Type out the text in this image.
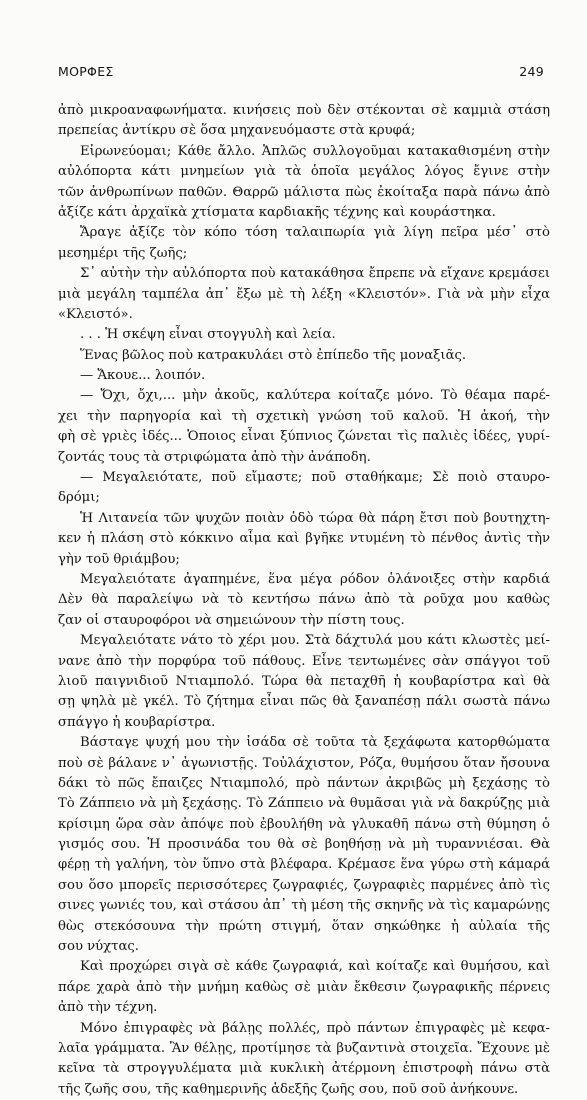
ΜΟΡΦΕΣ	249
ἀπὸ μικροαναφωνήματα. κινήσεις ποὺ δὲν στέκονται σὲ καμμιὰ στάση
πρεπείας ἀντίκρυ σὲ ὅσα μηχανευόμαστε στὰ κρυφά;
Εἰρωνεύομαι; Κάθε ἄλλο. Ἁπλῶς συλλογοῦμαι κατακαθισμένη στὴν
αὐλόπορτα κάτι μνημείων γιὰ τὰ ὁποῖα μεγάλος λόγος ἔγινε στὴν
τῶν ἀνθρωπίνων παθῶν. Θαρρῶ μάλιστα πὼς ἐκοίταξα παρὰ πάνω ἀπὸ
ἀξίζε κάτι ἀρχαϊκὰ χτίσματα καρδιακῆς τέχνης καὶ κουράστηκα.
Ἄραγε ἀξίζε τὸν κόπο τόση ταλαιπωρία γιὰ λίγη πεῖρα μέσ᾽ στὸ
μεσημέρι τῆς ζωῆς;
Σ᾽ αὐτὴν τὴν αὐλόπορτα ποὺ κατακάθησα ἔπρεπε νὰ εἴχανε κρεμάσει
μιὰ μεγάλη ταμπέλα ἀπ᾽ ἔξω μὲ τὴ λέξη «Κλειστόν». Γιὰ νὰ μὴν εἶχα
«Κλειστό».
. . . Ἡ σκέψη εἶναι στογγυλὴ καὶ λεία.
Ἕνας βῶλος ποὺ κατρακυλάει στὸ ἐπίπεδο τῆς μοναξιᾶς.
— Ἄκουε... λοιπόν.
— Ὄχι, ὄχι,... μὴν ἀκοῦς, καλύτερα κοίταζε μόνο. Τὸ θέαμα παρέ-
χει τὴν παρηγορία καὶ τὴ σχετικὴ γνώση τοῦ καλοῦ. Ἡ ἀκοή, τὴν
φὴ σὲ γριὲς ἰδές... Ὁποιος εἶναι ξύπνιος ζώνεται τὶς παλιὲς ἰδέες, γυρί-
ζοντάς τους τὰ στριφώματα ἀπὸ τὴν ἀνάποδη.
— Μεγαλειότατε, ποῦ εἴμαστε; ποῦ σταθήκαμε; Σὲ ποιὸ σταυρο-
δρόμι;
Ἡ Λιτανεία τῶν ψυχῶν ποιὰν ὁδὸ τώρα θὰ πάρη ἔτσι ποὺ βουτηχτη-
κεν ἡ πλάση στὸ κόκκινο αἷμα καὶ βγῆκε ντυμένη τὸ πένθος ἀντὶς τὴν
γὴν τοῦ θριάμβου;
Μεγαλειότατε ἀγαπημένε, ἕνα μέγα ρόδον ὁλάνοιξες στὴν καρδιά
Δὲν θὰ παραλείψω νὰ τὸ κεντήσω πάνω ἀπὸ τὰ ροῦχα μου καθὼς
ζαν οἱ σταυροφόροι νὰ σημειώνουν τὴν πίστη τους.
Μεγαλειότατε νάτο τὸ χέρι μου. Στὰ δάχτυλά μου κάτι κλωστὲς μεί-
νανε ἀπὸ τὴν πορφύρα τοῦ πάθους. Εἶνε τεντωμένες σὰν σπάγγοι τοῦ
λιοῦ παιγνιδιοῦ Ντιαμπολό. Τώρα θὰ πεταχθῆ ἡ κουβαρίστρα καὶ θὰ
σῃ ψηλὰ μὲ γκέλ. Τὸ ζήτημα εἶναι πῶς θὰ ξαναπέσῃ πάλι σωστὰ πάνω
σπάγγο ἡ κουβαρίστρα.
Βάσταγε ψυχή μου τὴν ἰσάδα σὲ τοῦτα τὰ ξεχάφωτα κατορθώματα
ποὺ σὲ βάλανε ν᾽ ἀγωνιστῇς. Τοὐλάχιστον, Ρόζα, θυμήσου ὅταν ἤσουνα
δάκι τὸ πῶς ἔπαιζες Ντιαμπολό, πρὸ πάντων ἀκριβῶς μὴ ξεχάσῃς τὸ
Τὸ Ζάππειο νὰ μὴ ξεχάσῃς. Τὸ Ζάππειο νὰ θυμᾶσαι γιὰ νὰ δακρύζῃς μιὰ
κρίσιμη ὥρα σὰν ἀπόψε ποὺ ἐβουλήθη νὰ γλυκαθῆ πάνω στὴ θύμηση ὁ
γισμός σου. Ἡ προσινάδα του θὰ σὲ βοηθήσῃ νὰ μὴ τυραννιέσαι. Θὰ
φέρῃ τὴ γαλήνη, τὸν ὕπνο στὰ βλέφαρα. Κρέμασε ἕνα γύρω στὴ κάμαρά
σου ὅσο μπορεῖς περισσότερες ζωγραφιές, ζωγραφιὲς παρμένες ἀπὸ τὶς
σινες γωνιές του, καὶ στάσου ἀπ᾽ τὴ μέση τῆς σκηνῆς νὰ τὶς καμαρώνῃς
θὼς στεκόσουνα τὴν πρώτη στιγμή, ὅταν σηκώθηκε ἡ αὐλαία τῆς
σου νύχτας.
Καὶ προχώρει σιγὰ σὲ κάθε ζωγραφιά, καὶ κοίταζε καὶ θυμήσου, καὶ
πάρε χαρὰ ἀπὸ τὴν μνήμη καθὼς σὲ μιὰν ἔκθεσιν ζωγραφικῆς πέρνεις
ἀπὸ τὴν τέχνη.
Μόνο ἐπιγραφὲς νὰ βάλῃς πολλές, πρὸ πάντων ἐπιγραφὲς μὲ κεφα-
λαῖα γράμματα. Ἂν θέλῃς, προτίμησε τὰ βυζαντινὰ στοιχεῖα. Ἔχουνε μὲ
κεῖνα τὰ στρογγυλέματα μιὰ κυκλικὴ ἀτέρμονη ἐπιστροφὴ πάνω στὰ
τῆς ζωῆς σου, τῆς καθημερινῆς ἀδεξῆς ζωῆς σου, ποῦ σοῦ ἀνήκουνε.
